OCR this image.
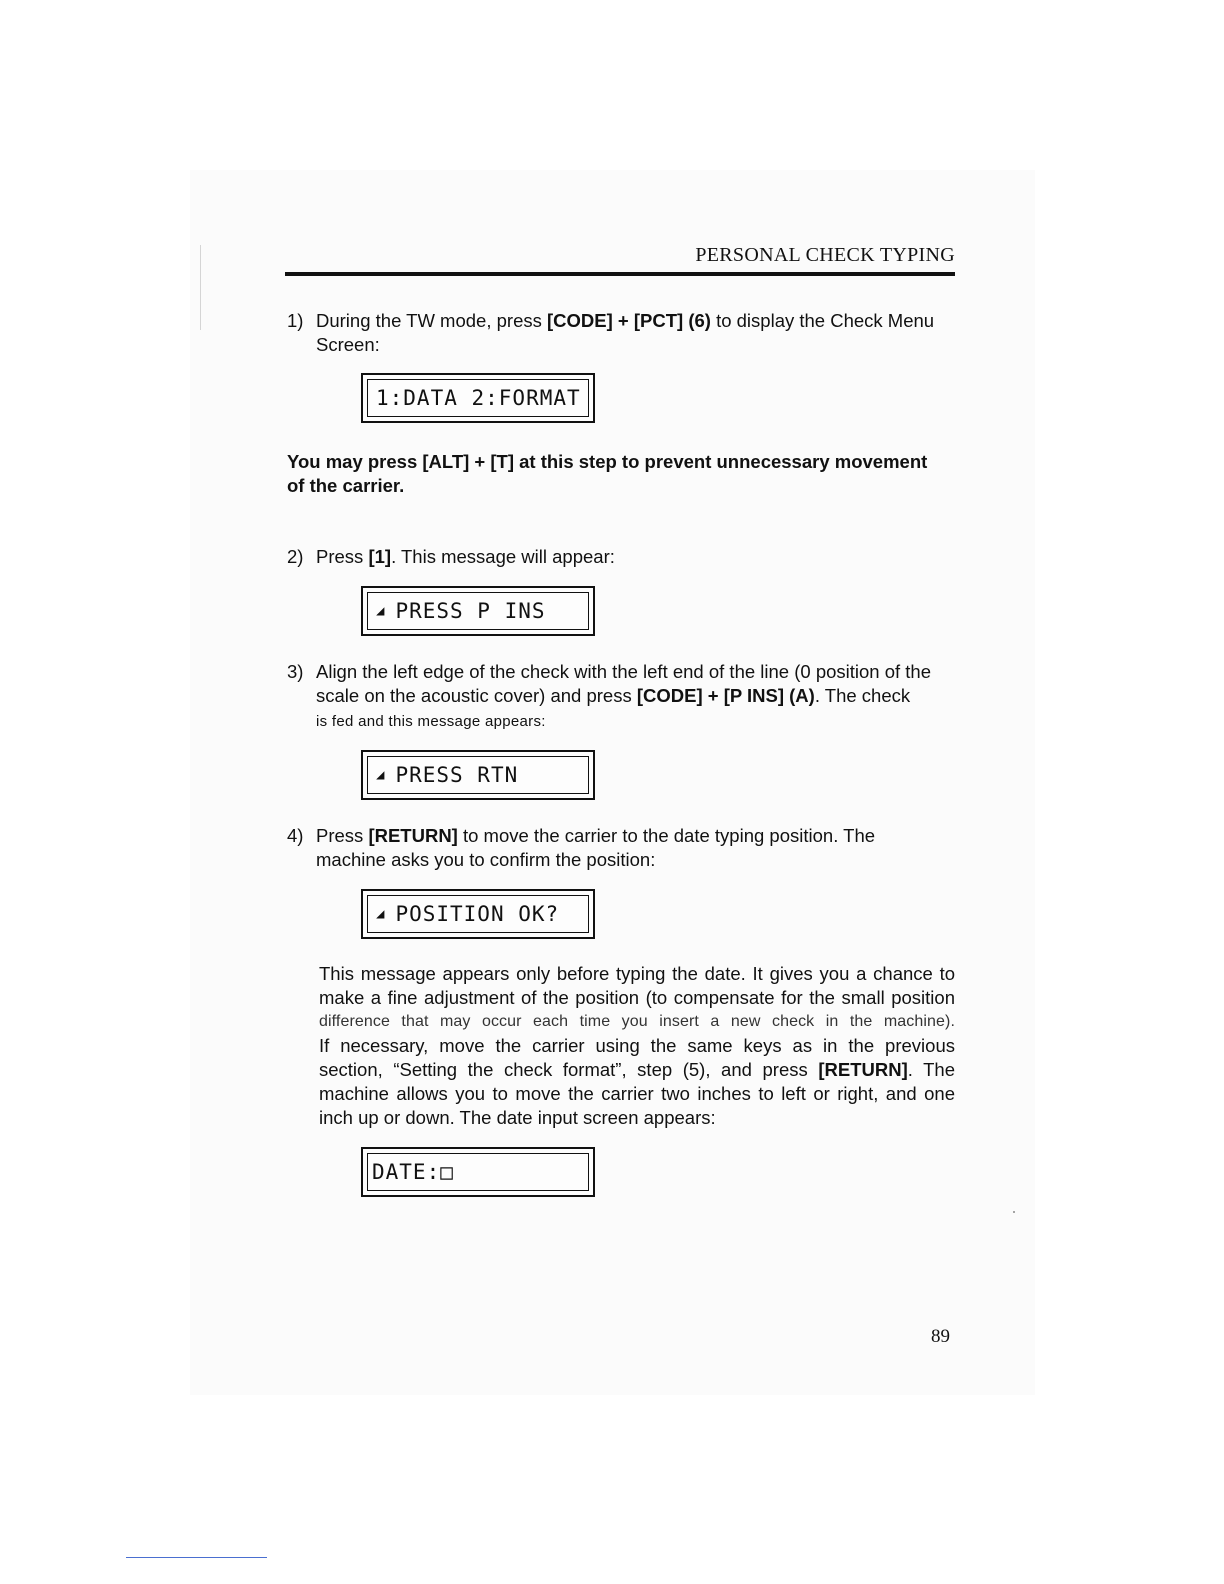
PERSONAL CHECK TYPING
1) During the TW mode, press [CODE] + [PCT] (6) to display the Check Menu
Screen:
1:DATA 2:FORMAT
You may press [ALT] + [T] at this step to prevent unnecessary movement
of the carrier.
2) Press [1]. This message will appear:
◢ PRESS P INS
3) Align the left edge of the check with the left end of the line (0 position of the
scale on the acoustic cover) and press [CODE] + [P INS] (A). The check
is fed and this message appears:
◢ PRESS RTN
4) Press [RETURN] to move the carrier to the date typing position. The
machine asks you to confirm the position:
◢ POSITION OK?
This message appears only before typing the date. It gives you a chance to
make a fine adjustment of the position (to compensate for the small position
difference that may occur each time you insert a new check in the machine).
If necessary, move the carrier using the same keys as in the previous
section, “Setting the check format”, step (5), and press [RETURN]. The
machine allows you to move the carrier two inches to left or right, and one
inch up or down. The date input screen appears:
DATE: □
89
